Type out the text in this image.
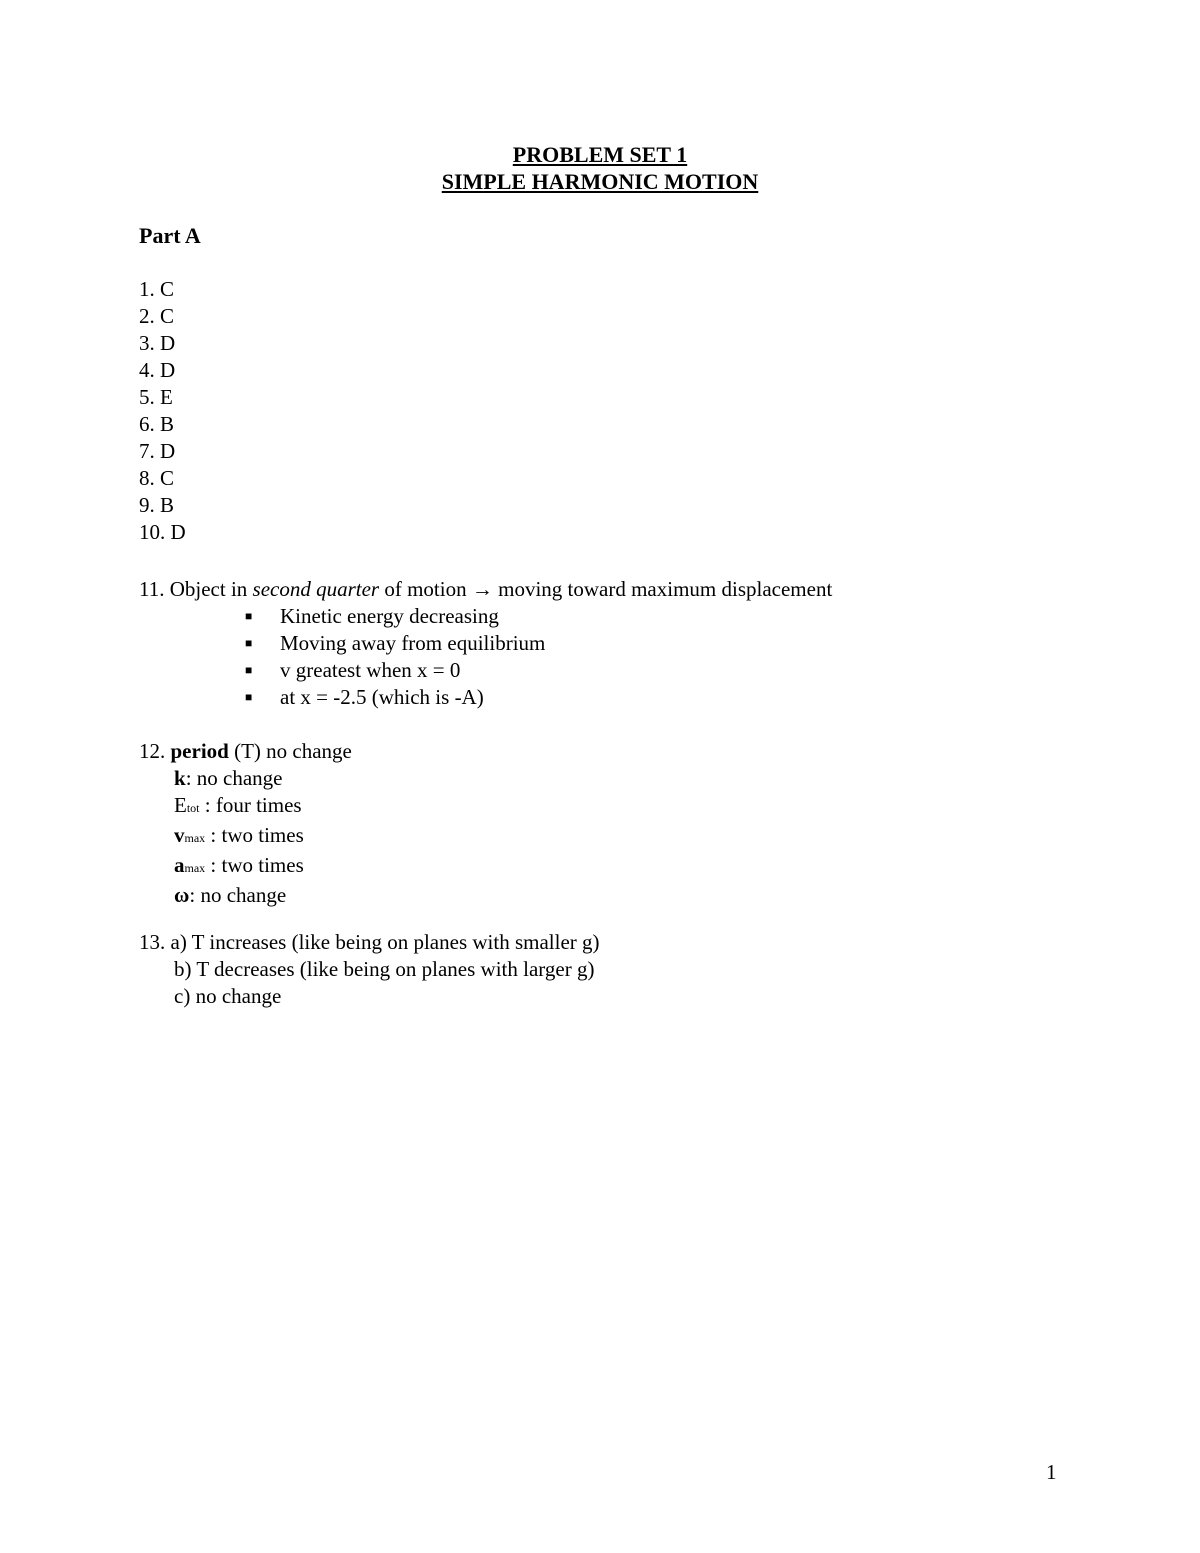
PROBLEM SET 1
SIMPLE HARMONIC MOTION
Part A
1. C
2. C
3. D
4. D
5. E
6. B
7. D
8. C
9. B
10. D
11. Object in second quarter of motion → moving toward maximum displacement
■ Kinetic energy decreasing
■ Moving away from equilibrium
■ v greatest when x = 0
■ at x = -2.5 (which is -A)
12. period (T) no change
k: no change
Etot : four times
vmax : two times
amax : two times
ω: no change
13. a) T increases (like being on planes with smaller g)
b) T decreases (like being on planes with larger g)
c) no change
1
